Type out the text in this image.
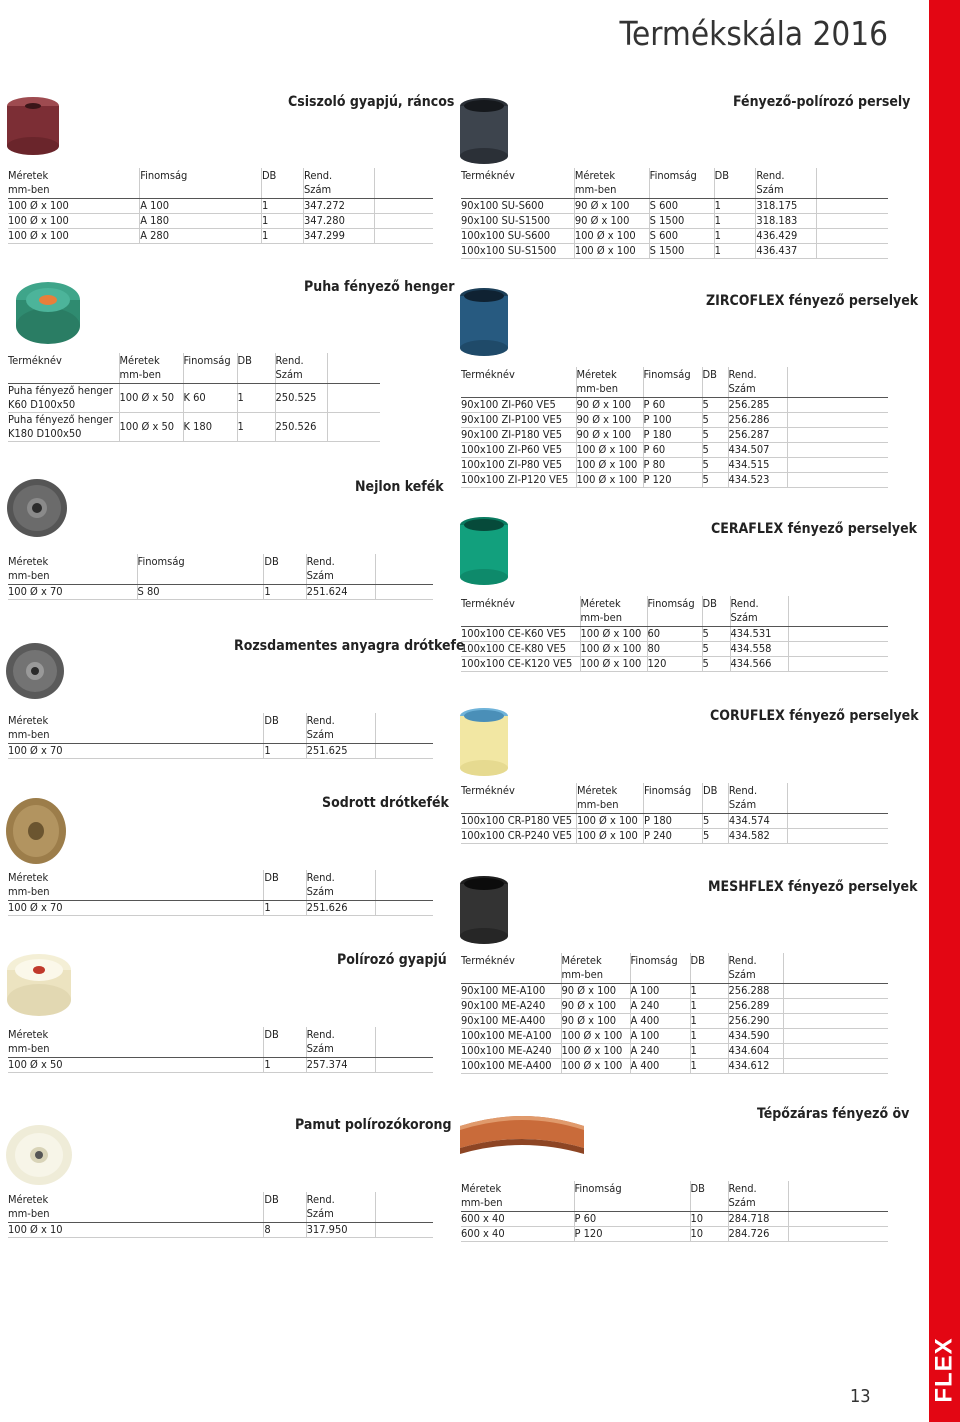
FLEX
Termékskála 2016
13
Csiszoló gyapjú, ráncos	Fényező-polírozó persely
Puha fényező henger
ZIRCOFLEX fényező perselyek
Nejlon kefék
CERAFLEX fényező perselyek
Rozsdamentes anyagra drótkefe
CORUFLEX fényező perselyek
Sodrott drótkefék
MESHFLEX fényező perselyek
Polírozó gyapjú
Pamut polírozókorong
Tépőzáras fényező öv
Méretek
mm-ben	Finomság	DB	Rend.
Szám	
100 Ø x 100	A 100	1	347.272	
100 Ø x 100	A 180	1	347.280	
100 Ø x 100	A 280	1	347.299	
Terméknév	Méretek
mm-ben	Finomság	DB	Rend.
Szám	
90x100 SU-S600	90 Ø x 100	S 600	1	318.175	
90x100 SU-S1500	90 Ø x 100	S 1500	1	318.183	
100x100 SU-S600	100 Ø x 100	S 600	1	436.429	
100x100 SU-S1500	100 Ø x 100	S 1500	1	436.437	
Terméknév	Méretek
mm-ben	Finomság	DB	Rend.
Szám	
Puha fényező henger
K60 D100x50	100 Ø x 50	K 60	1	250.525	
Puha fényező henger
K180 D100x50	100 Ø x 50	K 180	1	250.526	
Terméknév	Méretek
mm-ben	Finomság	DB	Rend.
Szám	
90x100 ZI-P60 VE5	90 Ø x 100	P 60	5	256.285	
90x100 ZI-P100 VE5	90 Ø x 100	P 100	5	256.286	
90x100 ZI-P180 VE5	90 Ø x 100	P 180	5	256.287	
100x100 ZI-P60 VE5	100 Ø x 100	P 60	5	434.507	
100x100 ZI-P80 VE5	100 Ø x 100	P 80	5	434.515	
100x100 ZI-P120 VE5	100 Ø x 100	P 120	5	434.523	
Méretek
mm-ben	Finomság	DB	Rend.
Szám	
100 Ø x 70	S 80	1	251.624	
Terméknév	Méretek
mm-ben	Finomság	DB	Rend.
Szám	
100x100 CE-K60 VE5	100 Ø x 100	60	5	434.531	
100x100 CE-K80 VE5	100 Ø x 100	80	5	434.558	
100x100 CE-K120 VE5	100 Ø x 100	120	5	434.566	
Méretek
mm-ben	DB	Rend.
Szám	
100 Ø x 70	1	251.625	
Terméknév	Méretek
mm-ben	Finomság	DB	Rend.
Szám	
100x100 CR-P180 VE5	100 Ø x 100	P 180	5	434.574	
100x100 CR-P240 VE5	100 Ø x 100	P 240	5	434.582	
Méretek
mm-ben	DB	Rend.
Szám	
100 Ø x 70	1	251.626	
Terméknév	Méretek
mm-ben	Finomság	DB	Rend.
Szám	
90x100 ME-A100	90 Ø x 100	A 100	1	256.288	
90x100 ME-A240	90 Ø x 100	A 240	1	256.289	
90x100 ME-A400	90 Ø x 100	A 400	1	256.290	
100x100 ME-A100	100 Ø x 100	A 100	1	434.590	
100x100 ME-A240	100 Ø x 100	A 240	1	434.604	
100x100 ME-A400	100 Ø x 100	A 400	1	434.612	
Méretek
mm-ben	DB	Rend.
Szám	
100 Ø x 50	1	257.374	
Méretek
mm-ben	DB	Rend.
Szám	
100 Ø x 10	8	317.950	
Méretek
mm-ben	Finomság	DB	Rend.
Szám	
600 x 40	P 60	10	284.718	
600 x 40	P 120	10	284.726	
